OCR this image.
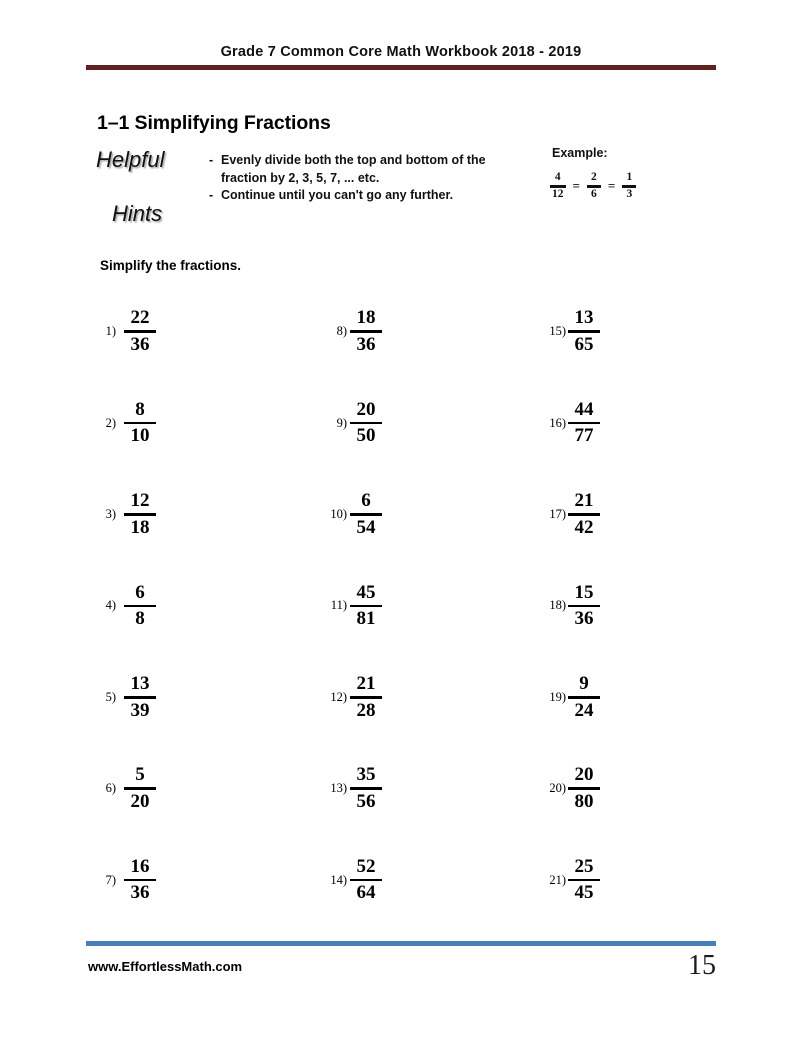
Grade 7 Common Core Math Workbook 2018 - 2019
1–1 Simplifying Fractions
Helpful
Hints
- Evenly divide both the top and bottom of the fraction by 2, 3, 5, 7, ... etc.
- Continue until you can't go any further.
Example:
$\frac{4}{12} = \frac{2}{6} = \frac{1}{3}$
Simplify the fractions.
$1) \frac{22}{36}$	$8) \frac{18}{36}$	$15) \frac{13}{65}$
$2) \frac{8}{10}$	$9) \frac{20}{50}$	$16) \frac{44}{77}$
$3) \frac{12}{18}$	$10) \frac{6}{54}$	$17) \frac{21}{42}$
$4) \frac{6}{8}$	$11) \frac{45}{81}$	$18) \frac{15}{36}$
$5) \frac{13}{39}$	$12) \frac{21}{28}$	$19) \frac{9}{24}$
$6) \frac{5}{20}$	$13) \frac{35}{56}$	$20) \frac{20}{80}$
$7) \frac{16}{36}$	$14) \frac{52}{64}$	$21) \frac{25}{45}$
www.EffortlessMath.com	15
